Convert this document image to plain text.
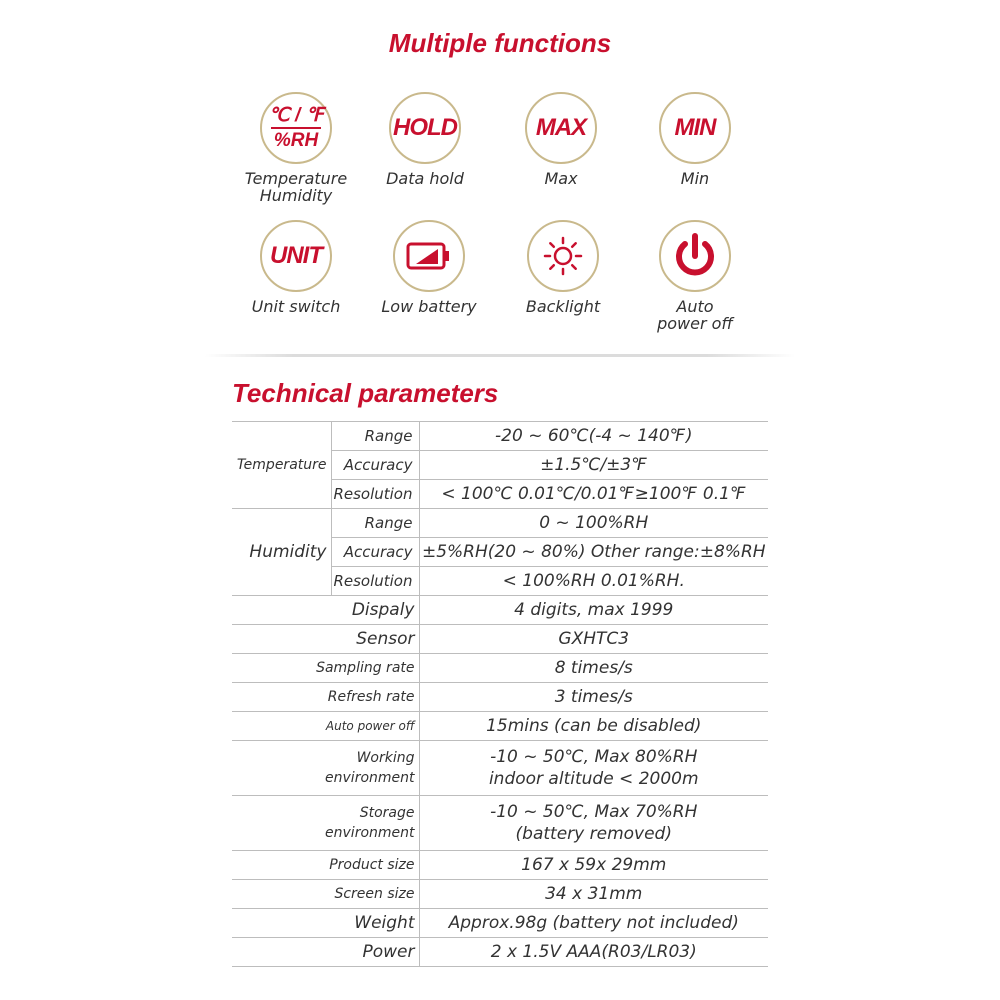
Multiple functions
℃ / ℉
%RH
Temperature
Humidity
HOLD
Data hold
MAX
Max
MIN
Min
UNIT
Unit switch	Low battery	Backlight	Auto
power off
Technical parameters
Temperature	Range	-20 ~ 60℃(-4 ~ 140℉)
	Accuracy	±1.5℃/±3℉
	Resolution	< 100℃ 0.01℃/0.01℉≥100℉ 0.1℉
Humidity	Range	0 ~ 100%RH
	Accuracy	±5%RH(20 ~ 80%) Other range:±8%RH
	Resolution	< 100%RH 0.01%RH.
Dispaly		4 digits, max 1999
Sensor		GXHTC3
Sampling rate		8 times/s
Refresh rate		3 times/s
Auto power off		15mins (can be disabled)
Working
environment		-10 ~ 50℃, Max 80%RH
indoor altitude < 2000m
Storage
environment		-10 ~ 50℃, Max 70%RH
(battery removed)
Product size		167 x 59x 29mm
Screen size		34 x 31mm
Weight		Approx.98g (battery not included)
Power		2 x 1.5V AAA(R03/LR03)
